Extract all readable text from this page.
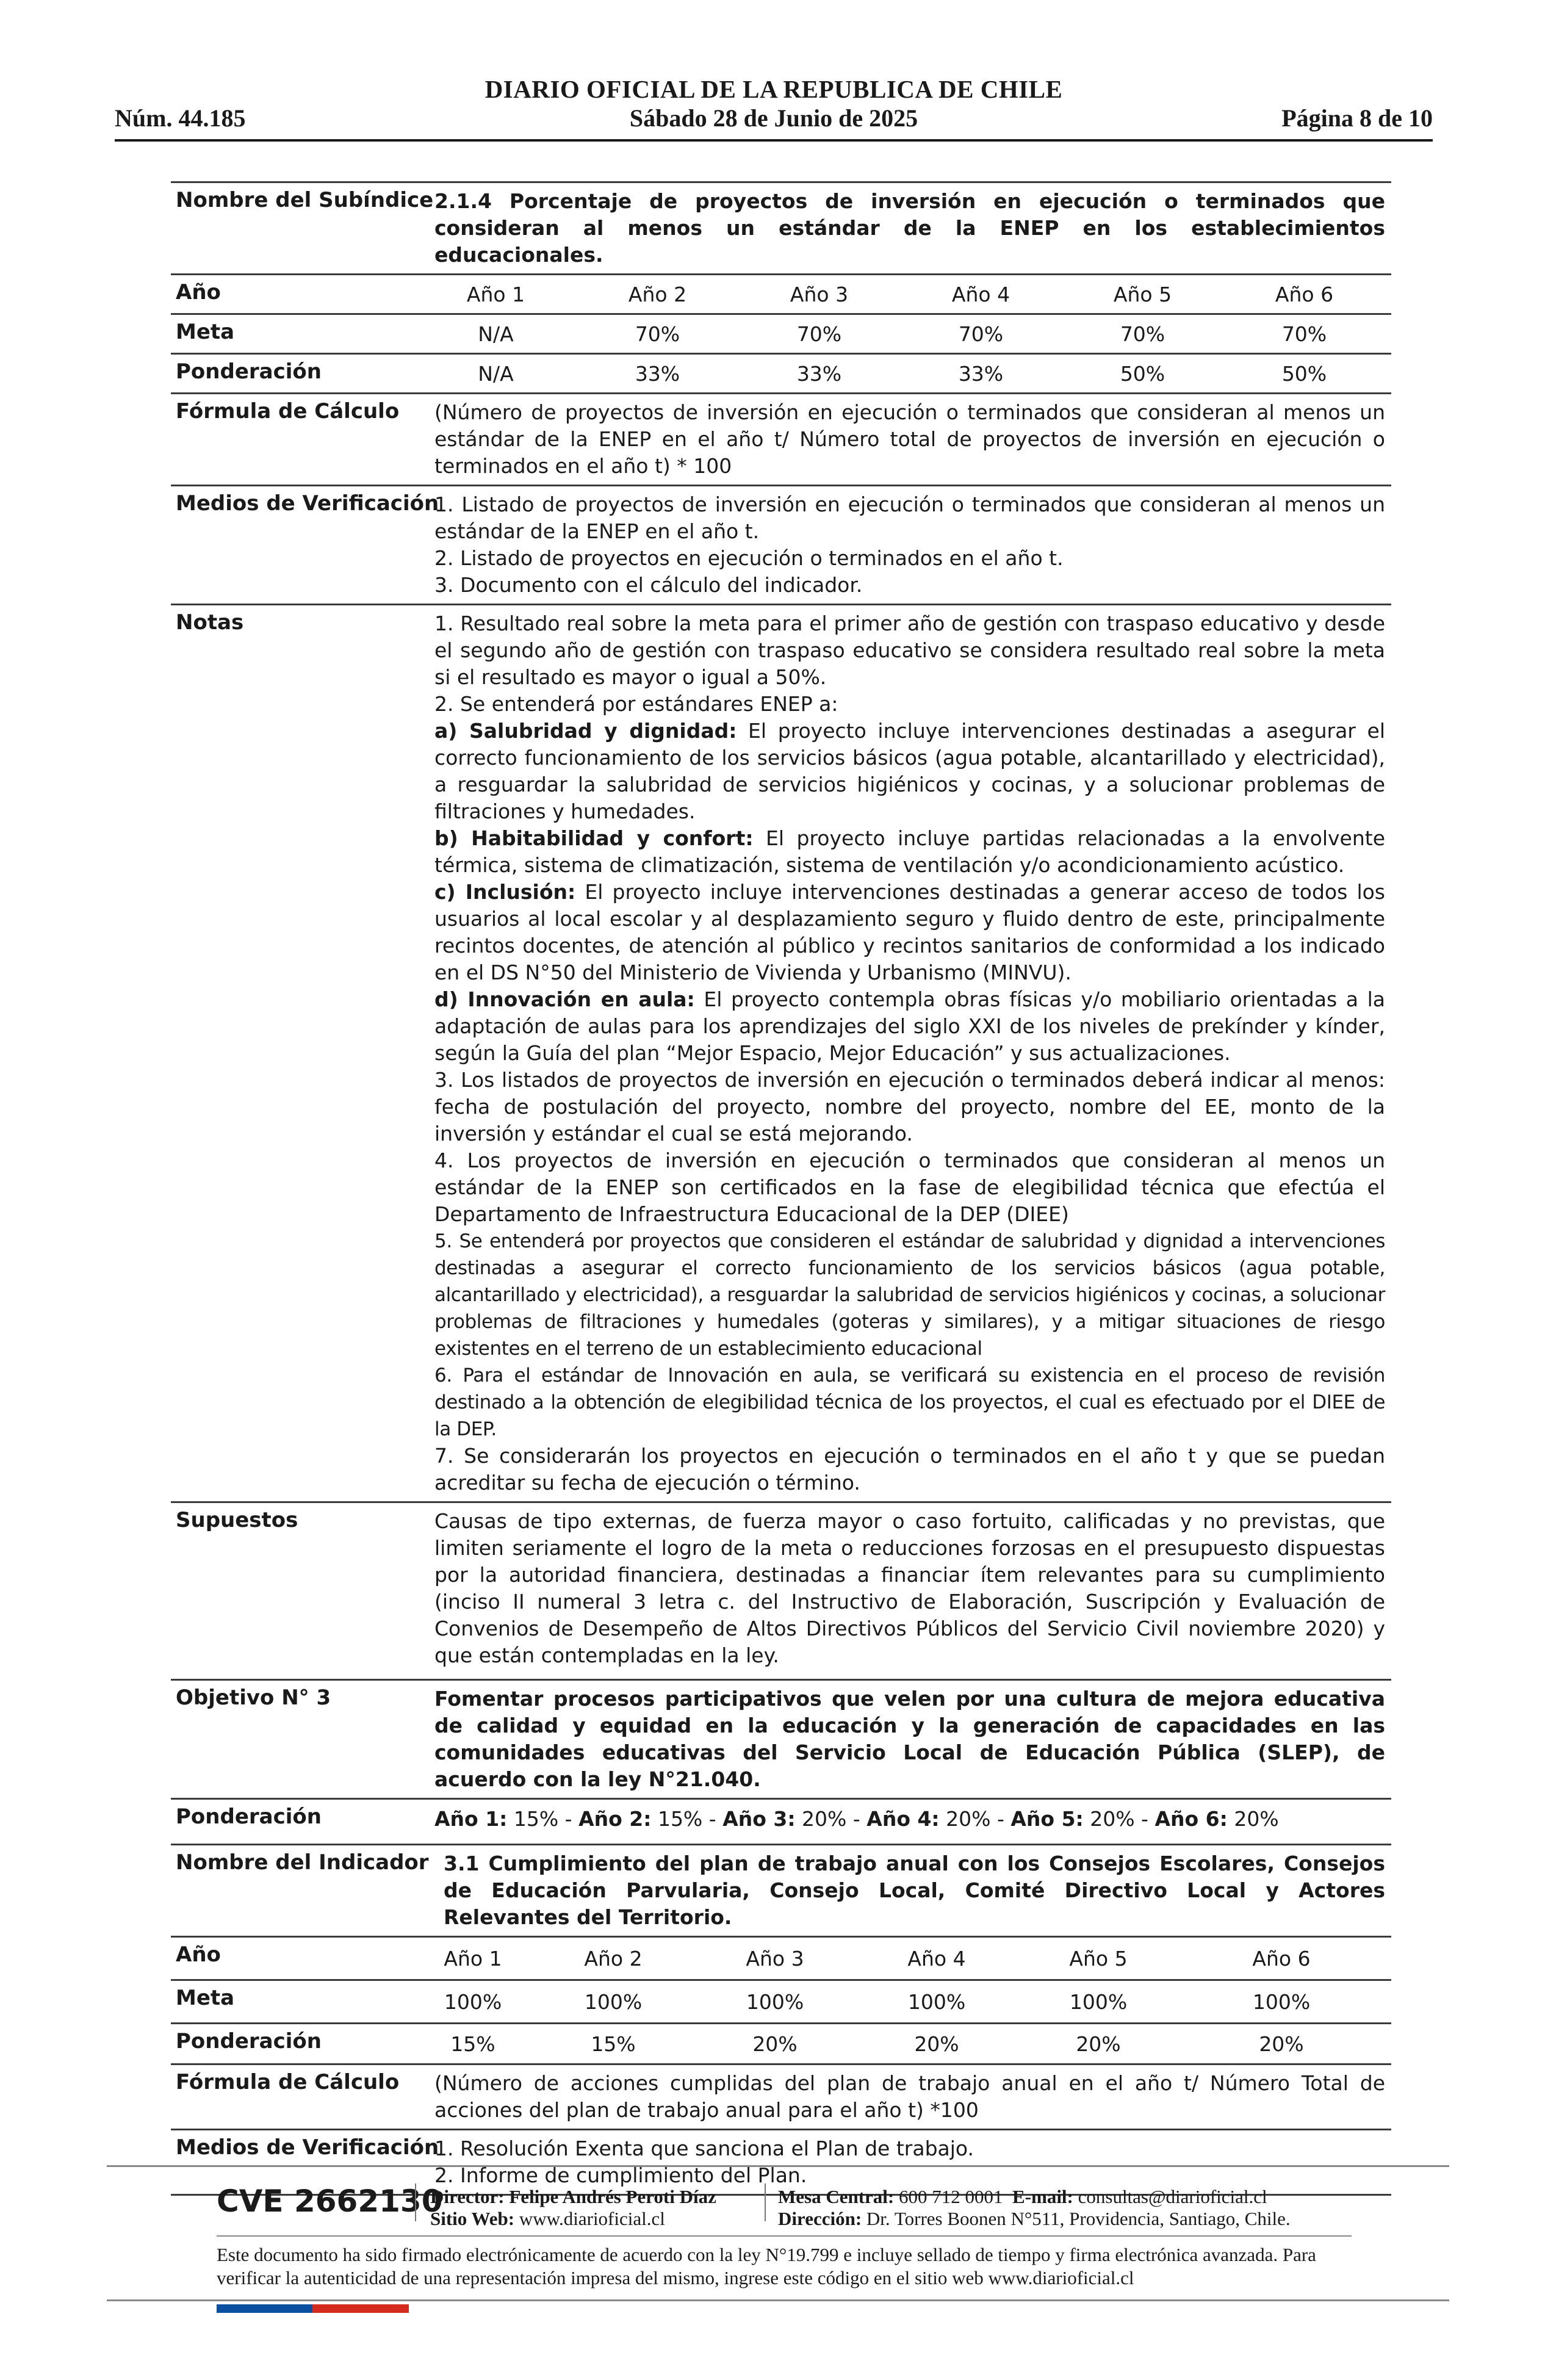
DIARIO OFICIAL DE LA REPUBLICA DE CHILE
Núm. 44.185	Sábado 28 de Junio de 2025	Página 8 de 10
Nombre del Subíndice 2.1.4 Porcentaje de proyectos de inversión en ejecución o terminados que consideran al menos un estándar de la ENEP en los establecimientos educacionales.
Año	Año 1	Año 2	Año 3	Año 4	Año 5	Año 6
Meta	N/A	70%	70%	70%	70%	70%
Ponderación	N/A	33%	33%	33%	50%	50%
Fórmula de Cálculo (Número de proyectos de inversión en ejecución o terminados que consideran al menos un estándar de la ENEP en el año t/ Número total de proyectos de inversión en ejecución o terminados en el año t) * 100
Medios de Verificación

1. Listado de proyectos de inversión en ejecución o terminados que consideran al menos un estándar de la ENEP en el año t.

2. Listado de proyectos en ejecución o terminados en el año t.

3. Documento con el cálculo del indicador.

Notas	1. Resultado real sobre la meta para el primer año de gestión con traspaso educativo y desde el segundo año de gestión con traspaso educativo se considera resultado real sobre la meta si el resultado es mayor o igual a 50%.

2. Se entenderá por estándares ENEP a:

a) Salubridad y dignidad: El proyecto incluye intervenciones destinadas a asegurar el correcto funcionamiento de los servicios básicos (agua potable, alcantarillado y electricidad), a resguardar la salubridad de servicios higiénicos y cocinas, y a solucionar problemas de filtraciones y humedades.

b) Habitabilidad y confort: El proyecto incluye partidas relacionadas a la envolvente térmica, sistema de climatización, sistema de ventilación y/o acondicionamiento acústico.

c) Inclusión: El proyecto incluye intervenciones destinadas a generar acceso de todos los usuarios al local escolar y al desplazamiento seguro y fluido dentro de este, principalmente recintos docentes, de atención al público y recintos sanitarios de conformidad a los indicado en el DS N°50 del Ministerio de Vivienda y Urbanismo (MINVU).

d) Innovación en aula: El proyecto contempla obras físicas y/o mobiliario orientadas a la adaptación de aulas para los aprendizajes del siglo XXI de los niveles de prekínder y kínder, según la Guía del plan “Mejor Espacio, Mejor Educación” y sus actualizaciones.

3. Los listados de proyectos de inversión en ejecución o terminados deberá indicar al menos: fecha de postulación del proyecto, nombre del proyecto, nombre del EE, monto de la inversión y estándar el cual se está mejorando.

4. Los proyectos de inversión en ejecución o terminados que consideran al menos un estándar de la ENEP son certificados en la fase de elegibilidad técnica que efectúa el Departamento de Infraestructura Educacional de la DEP (DIEE)

5. Se entenderá por proyectos que consideren el estándar de salubridad y dignidad a intervenciones destinadas a asegurar el correcto funcionamiento de los servicios básicos (agua potable, alcantarillado y electricidad), a resguardar la salubridad de servicios higiénicos y cocinas, a solucionar problemas de filtraciones y humedales (goteras y similares), y a mitigar situaciones de riesgo existentes en el terreno de un establecimiento educacional

6. Para el estándar de Innovación en aula, se verificará su existencia en el proceso de revisión destinado a la obtención de elegibilidad técnica de los proyectos, el cual es efectuado por el DIEE de la DEP.

7. Se considerarán los proyectos en ejecución o terminados en el año t y que se puedan acreditar su fecha de ejecución o término.

Supuestos	Causas de tipo externas, de fuerza mayor o caso fortuito, calificadas y no previstas, que limiten seriamente el logro de la meta o reducciones forzosas en el presupuesto dispuestas por la autoridad financiera, destinadas a financiar ítem relevantes para su cumplimiento (inciso II numeral 3 letra c. del Instructivo de Elaboración, Suscripción y Evaluación de Convenios de Desempeño de Altos Directivos Públicos del Servicio Civil noviembre 2020) y que están contempladas en la ley.
Objetivo N° 3	Fomentar procesos participativos que velen por una cultura de mejora educativa de calidad y equidad en la educación y la generación de capacidades en las comunidades educativas del Servicio Local de Educación Pública (SLEP), de acuerdo con la ley N°21.040.
Ponderación	Año 1: 15% - Año 2: 15% - Año 3: 20% - Año 4: 20% - Año 5: 20% - Año 6: 20%
Nombre del Indicador 3.1 Cumplimiento del plan de trabajo anual con los Consejos Escolares, Consejos de Educación Parvularia, Consejo Local, Comité Directivo Local y Actores Relevantes del Territorio.
Año	Año 1	Año 2	Año 3	Año 4	Año 5	Año 6
Meta	100%	100%	100%	100%	100%	100%
Ponderación	15%	15%	20%	20%	20%	20%
Fórmula de Cálculo (Número de acciones cumplidas del plan de trabajo anual en el año t/ Número Total de acciones del plan de trabajo anual para el año t) *100
Medios de Verificación

1. Resolución Exenta que sanciona el Plan de trabajo.

2. Informe de cumplimiento del Plan.

CVE 2662130
Director: Felipe Andrés Peroti Díaz
Sitio Web: www.diarioficial.cl
Mesa Central: 600 712 0001 E-mail: consultas@diarioficial.cl
Dirección: Dr. Torres Boonen N°511, Providencia, Santiago, Chile.
Este documento ha sido firmado electrónicamente de acuerdo con la ley N°19.799 e incluye sellado de tiempo y firma electrónica avanzada. Para verificar la autenticidad de una representación impresa del mismo, ingrese este código en el sitio web www.diarioficial.cl
